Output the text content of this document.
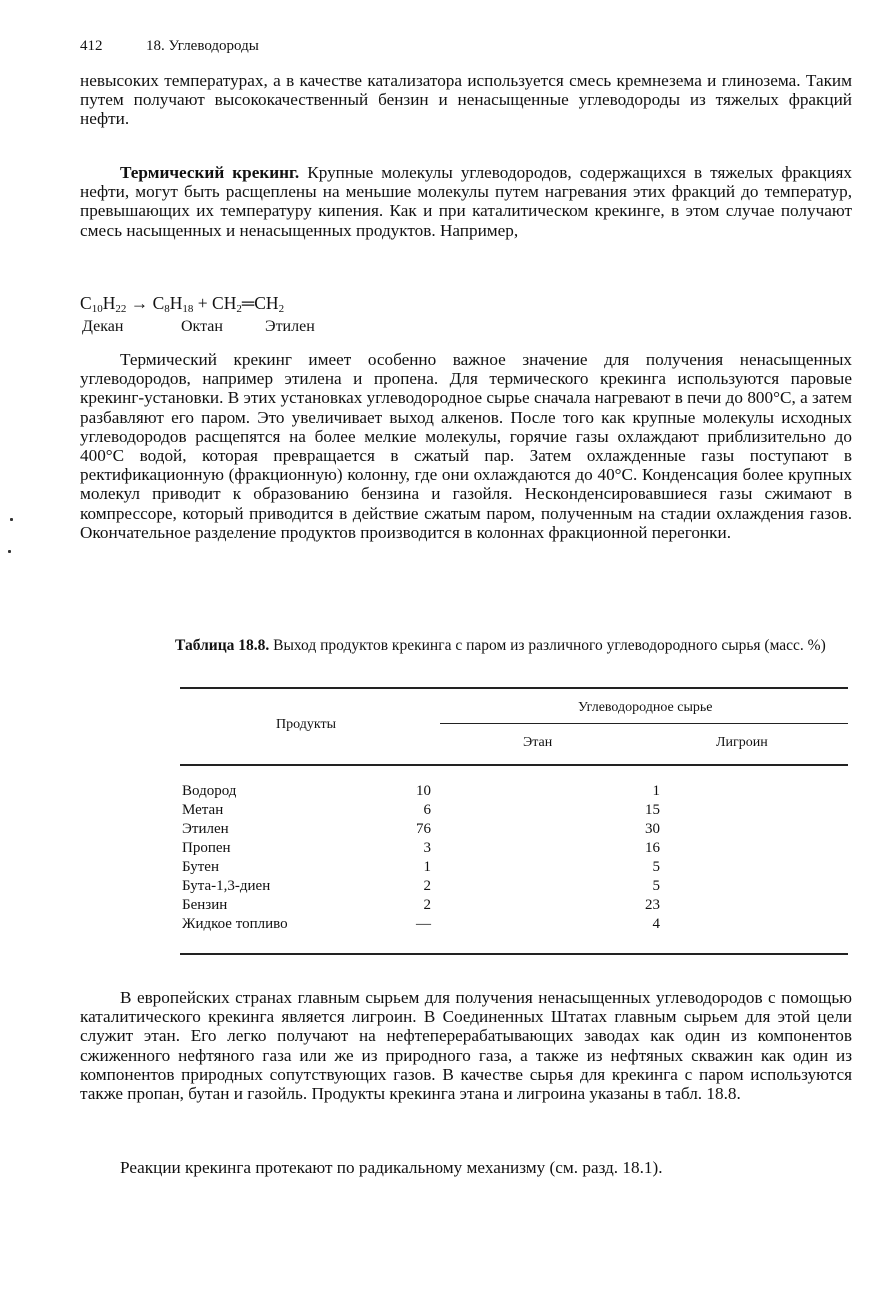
412	18. Углеводороды
невысоких температурах, а в качестве катализатора используется смесь кремнезема и глинозема. Таким путем получают высококачественный бензин и ненасыщенные углеводороды из тяжелых фракций нефти.
Термический крекинг. Крупные молекулы углеводородов, содержащихся в тяжелых фракциях нефти, могут быть расщеплены на меньшие молекулы путем нагревания этих фракций до температур, превышающих их температуру кипения. Как и при каталитическом крекинге, в этом случае получают смесь насыщенных и ненасыщенных продуктов. Например,
$C_{10}H_{22} \to C_8H_{18}$ + $CH_2═CH_2$
Декан	Октан	Этилен
Термический крекинг имеет особенно важное значение для получения ненасыщенных углеводородов, например этилена и пропена. Для термического крекинга используются паровые крекинг-установки. В этих установках углеводородное сырье сначала нагревают в печи до 800°С, а затем разбавляют его паром. Это увеличивает выход алкенов. После того как крупные молекулы исходных углеводородов расщепятся на более мелкие молекулы, горячие газы охлаждают приблизительно до 400°С водой, которая превращается в сжатый пар. Затем охлажденные газы поступают в ректификационную (фракционную) колонну, где они охлаждаются до 40°С. Конденсация более крупных молекул приводит к образованию бензина и газойля. Несконденсировавшиеся газы сжимают в компрессоре, который приводится в действие сжатым паром, полученным на стадии охлаждения газов. Окончательное разделение продуктов производится в колоннах фракционной перегонки.
Таблица 18.8. Выход продуктов крекинга с паром из различного углеводородного сырья (масс. %)
Продукты
Углеводородное сырье
Этан	Лигроин
Водород	10	1
Метан	6	15
Этилен	76	30
Пропен	3	16
Бутен	1	5
Бута-1,3-диен	2	5
Бензин	2	23
Жидкое топливо	—	4
В европейских странах главным сырьем для получения ненасыщенных углеводородов с помощью каталитического крекинга является лигроин. В Соединенных Штатах главным сырьем для этой цели служит этан. Его легко получают на нефтеперерабатывающих заводах как один из компонентов сжиженного нефтяного газа или же из природного газа, а также из нефтяных скважин как один из компонентов природных сопутствующих газов. В качестве сырья для крекинга с паром используются также пропан, бутан и газойль. Продукты крекинга этана и лигроина указаны в табл. 18.8.
Реакции крекинга протекают по радикальному механизму (см. разд. 18.1).
